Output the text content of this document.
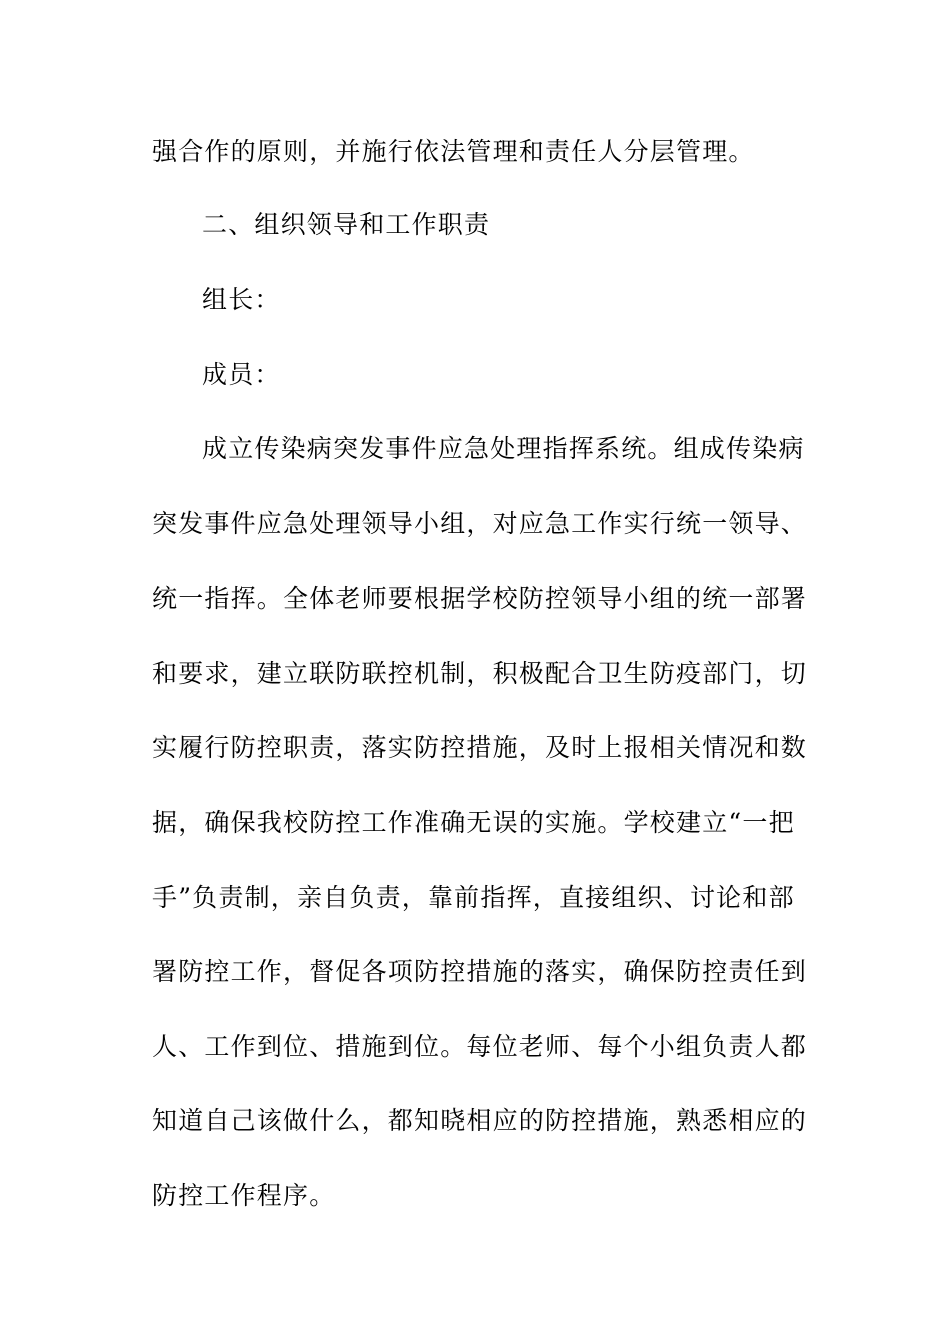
强合作的原则，并施行依法管理和责任人分层管理。
二、组织领导和工作职责
组长：
成员：
成立传染病突发事件应急处理指挥系统。组成传染病
突发事件应急处理领导小组，对应急工作实行统一领导、
统一指挥。全体老师要根据学校防控领导小组的统一部署
和要求，建立联防联控机制，积极配合卫生防疫部门，切
实履行防控职责，落实防控措施，及时上报相关情况和数
据，确保我校防控工作准确无误的实施。学校建立“一把
手”负责制，亲自负责，靠前指挥，直接组织、讨论和部
署防控工作，督促各项防控措施的落实，确保防控责任到
人、工作到位、措施到位。每位老师、每个小组负责人都
知道自己该做什么，都知晓相应的防控措施，熟悉相应的
防控工作程序。
